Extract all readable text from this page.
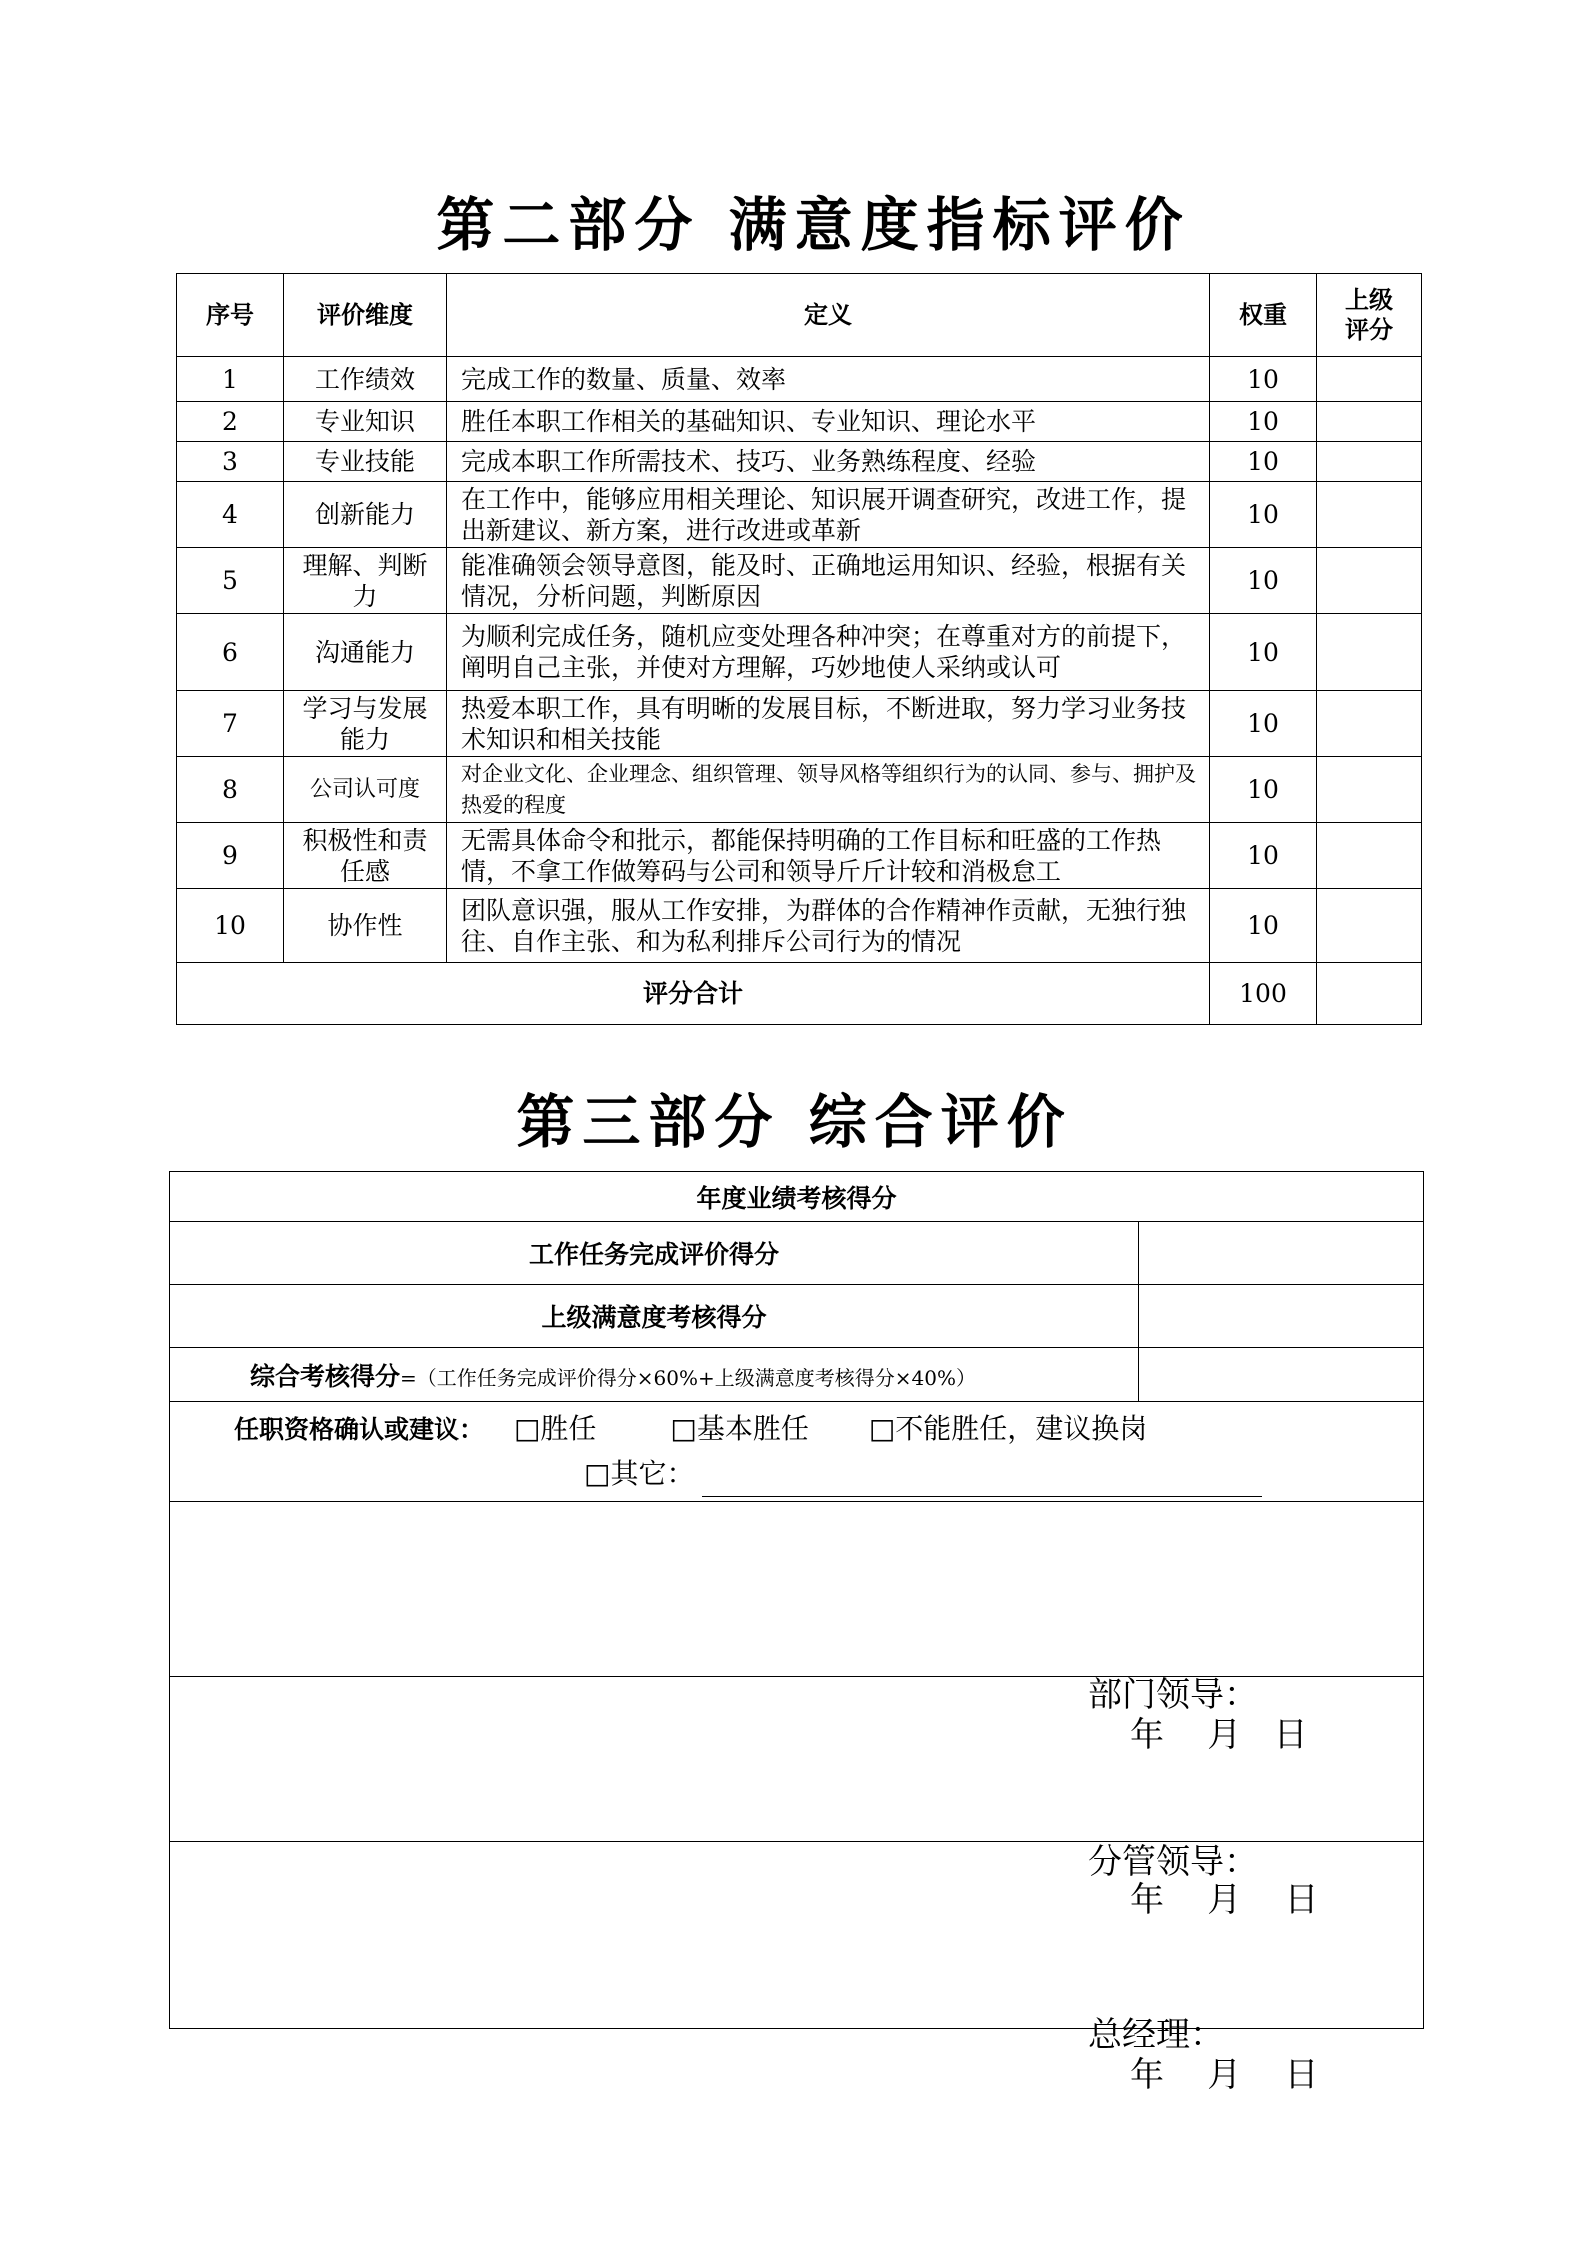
第二部分 满意度指标评价
序号	评价维度	定义	权重	上级评分
1	工作绩效	完成工作的数量、质量、效率	10	
2	专业知识	胜任本职工作相关的基础知识、专业知识、理论水平	10	
3	专业技能	完成本职工作所需技术、技巧、业务熟练程度、经验	10	
4	创新能力	在工作中，能够应用相关理论、知识展开调查研究，改进工作，提出新建议、新方案，进行改进或革新	10	
5	理解、判断力	能准确领会领导意图，能及时、正确地运用知识、经验，根据有关情况，分析问题，判断原因	10	
6	沟通能力	为顺利完成任务，随机应变处理各种冲突；在尊重对方的前提下，阐明自己主张，并使对方理解，巧妙地使人采纳或认可	10	
7	学习与发展能力	热爱本职工作，具有明晰的发展目标，不断进取，努力学习业务技术知识和相关技能	10	
8	公司认可度	对企业文化、企业理念、组织管理、领导风格等组织行为的认同、参与、拥护及热爱的程度	10	
9	积极性和责任感	无需具体命令和批示，都能保持明确的工作目标和旺盛的工作热情，不拿工作做筹码与公司和领导斤斤计较和消极怠工	10	
10	协作性	团队意识强，服从工作安排，为群体的合作精神作贡献，无独行独往、自作主张、和为私利排斥公司行为的情况	10	
评分合计			100	
第三部分 综合评价
年度业绩考核得分	
工作任务完成评价得分	
上级满意度考核得分	
综合考核得分=（工作任务完成评价得分×60%+上级满意度考核得分×40%）	

任职资格确认或建议： □胜任 □基本胜任 □不能胜任，建议换岗
□其它：	

部门领导：
年    月   日	

分管领导：
年    月    日	

总经理：
年    月    日	
